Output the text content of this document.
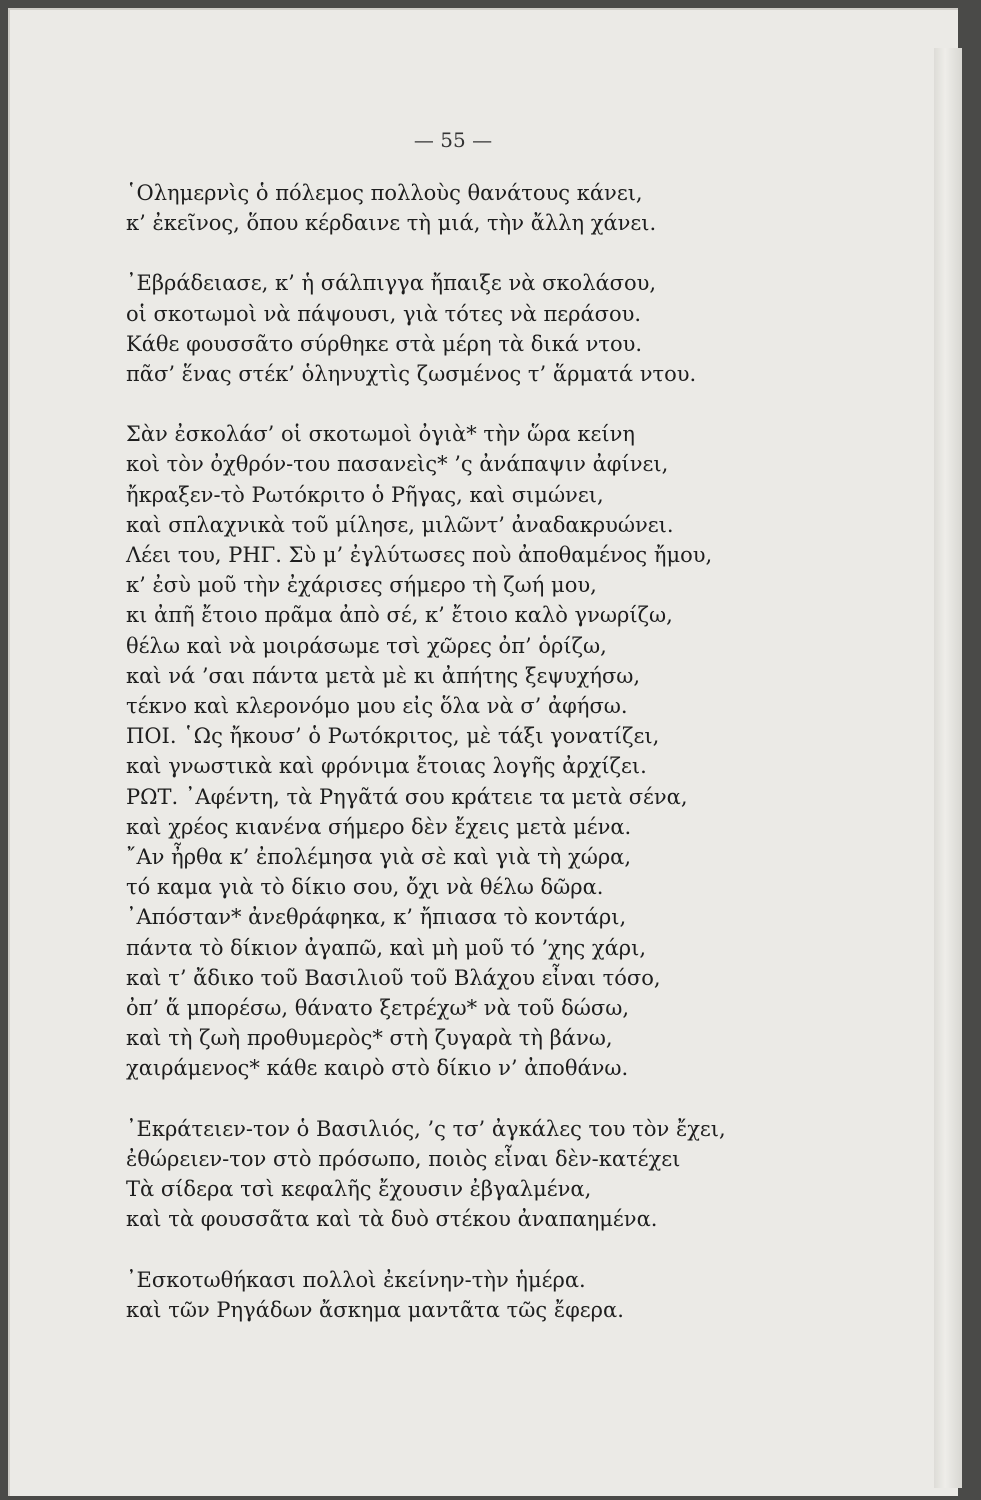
— 55 —
῾Ολημερνὶς ὁ πόλεμος πολλοὺς θανάτους κάνει,
κ’ ἐκεῖνος, ὅπου κέρδαινε τὴ μιά, τὴν ἄλλη χάνει.
᾿Εβράδειασε, κ’ ἡ σάλπιγγα ἤπαιξε νὰ σκολάσου,
οἱ σκοτωμοὶ νὰ πάψουσι, γιὰ τότες νὰ περάσου.
Κάθε φουσσᾶτο σύρθηκε στὰ μέρη τὰ δικά ντου.
πᾶσ’ ἕνας στέκ’ ὁληνυχτὶς ζωσμένος τ’ ἅρματά ντου.
Σὰν ἐσκολάσ’ οἱ σκοτωμοὶ ὀγιὰ* τὴν ὥρα κείνη
κοὶ τὸν ὀχθρόν-του πασανεὶς* ’ς ἀνάπαψιν ἀφίνει,
ἤκραξεν-τὸ Ρωτόκριτο ὁ Ρῆγας, καὶ σιμώνει,
καὶ σπλαχνικὰ τοῦ μίλησε, μιλῶντ’ ἀναδακρυώνει.
Λέει του, ΡΗΓ. Σὺ μ’ ἐγλύτωσες ποὺ ἀποθαμένος ἤμου,
κ’ ἐσὺ μοῦ τὴν ἐχάρισες σήμερο τὴ ζωή μου,
κι ἀπῆ ἔτοιο πρᾶμα ἀπὸ σέ, κ’ ἔτοιο καλὸ γνωρίζω,
θέλω καὶ νὰ μοιράσωμε τσὶ χῶρες ὀπ’ ὁρίζω,
καὶ νά ’σαι πάντα μετὰ μὲ κι ἀπήτης ξεψυχήσω,
τέκνο καὶ κλερονόμο μου εἰς ὅλα νὰ σ’ ἀφήσω.
ΠΟΙ. ῾Ως ἤκουσ’ ὁ Ρωτόκριτος, μὲ τάξι γονατίζει,
καὶ γνωστικὰ καὶ φρόνιμα ἔτοιας λογῆς ἀρχίζει.
ΡΩΤ. ᾿Αφέντη, τὰ Ρηγᾶτά σου κράτειε τα μετὰ σένα,
καὶ χρέος κιανένα σήμερο δὲν ἔχεις μετὰ μένα.
῎Αν ἦρθα κ’ ἐπολέμησα γιὰ σὲ καὶ γιὰ τὴ χώρα,
τό καμα γιὰ τὸ δίκιο σου, ὄχι νὰ θέλω δῶρα.
᾿Απόσταν* ἀνεθράφηκα, κ’ ἤπιασα τὸ κοντάρι,
πάντα τὸ δίκιον ἀγαπῶ, καὶ μὴ μοῦ τό ’χης χάρι,
καὶ τ’ ἄδικο τοῦ Βασιλιοῦ τοῦ Βλάχου εἶναι τόσο,
ὀπ’ ἅ μπορέσω, θάνατο ξετρέχω* νὰ τοῦ δώσω,
καὶ τὴ ζωὴ προθυμερὸς* στὴ ζυγαρὰ τὴ βάνω,
χαιράμενος* κάθε καιρὸ στὸ δίκιο ν’ ἀποθάνω.
᾿Εκράτειεν-τον ὁ Βασιλιός, ’ς τσ’ ἀγκάλες του τὸν ἔχει,
ἐθώρειεν-τον στὸ πρόσωπο, ποιὸς εἶναι δὲν-κατέχει
Τὰ σίδερα τσὶ κεφαλῆς ἔχουσιν ἐβγαλμένα,
καὶ τὰ φουσσᾶτα καὶ τὰ δυὸ στέκου ἀναπαημένα.
᾿Εσκοτωθήκασι πολλοὶ ἐκείνην-τὴν ἡμέρα.
καὶ τῶν Ρηγάδων ἄσκημα μαντᾶτα τῶς ἔφερα.
